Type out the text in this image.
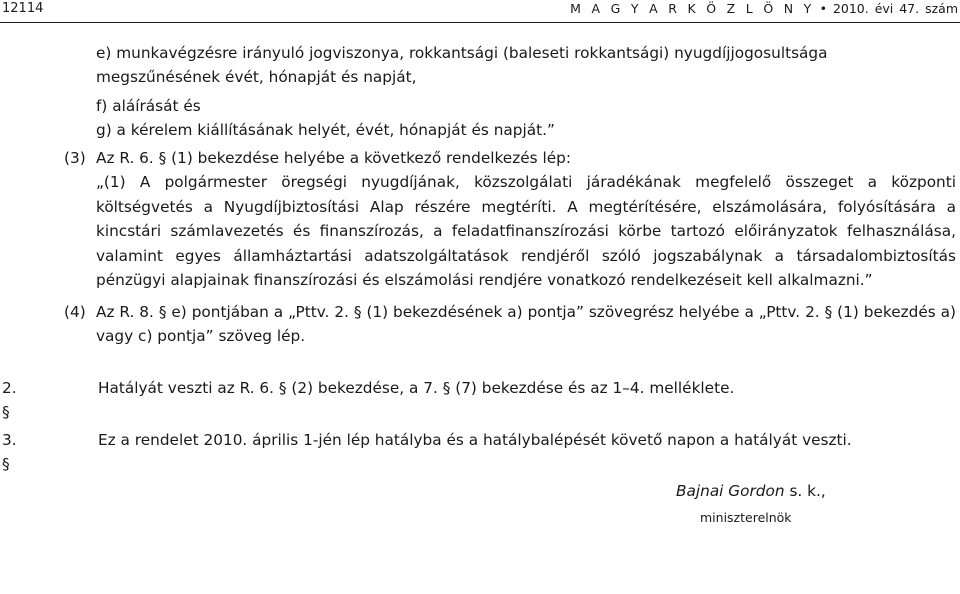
12114	M A G Y A R K Ö Z L Ö N Y • 2010. évi 47. szám

e) munkavégzésre irányuló jogviszonya, rokkantsági (baleseti rokkantsági) nyugdíjjogosultsága megszűnésének évét, hónapját és napját,

f) aláírását és

g) a kérelem kiállításának helyét, évét, hónapját és napját.”

(3) Az R. 6. § (1) bekezdése helyébe a következő rendelkezés lép:
„(1) A polgármester öregségi nyugdíjának, közszolgálati járadékának megfelelő összeget a központi költségvetés a Nyugdíjbiztosítási Alap részére megtéríti. A megtérítésére, elszámolására, folyósítására a kincstári számlavezetés és finanszírozás, a feladatfinanszírozási körbe tartozó előirányzatok felhasználása, valamint egyes államháztartási adatszolgáltatások rendjéről szóló jogszabálynak a társadalombiztosítás pénzügyi alapjainak finanszírozási és elszámolási rendjére vonatkozó rendelkezéseit kell alkalmazni.”
(4) Az R. 8. § e) pontjában a „Pttv. 2. § (1) bekezdésének a) pontja” szövegrész helyébe a „Pttv. 2. § (1) bekezdés a) vagy c) pontja” szöveg lép.
2. §
Hatályát veszti az R. 6. § (2) bekezdése, a 7. § (7) bekezdése és az 1–4. melléklete.
3. §
Ez a rendelet 2010. április 1-jén lép hatályba és a hatálybalépését követő napon a hatályát veszti.
Bajnai Gordon s. k.,
miniszterelnök
